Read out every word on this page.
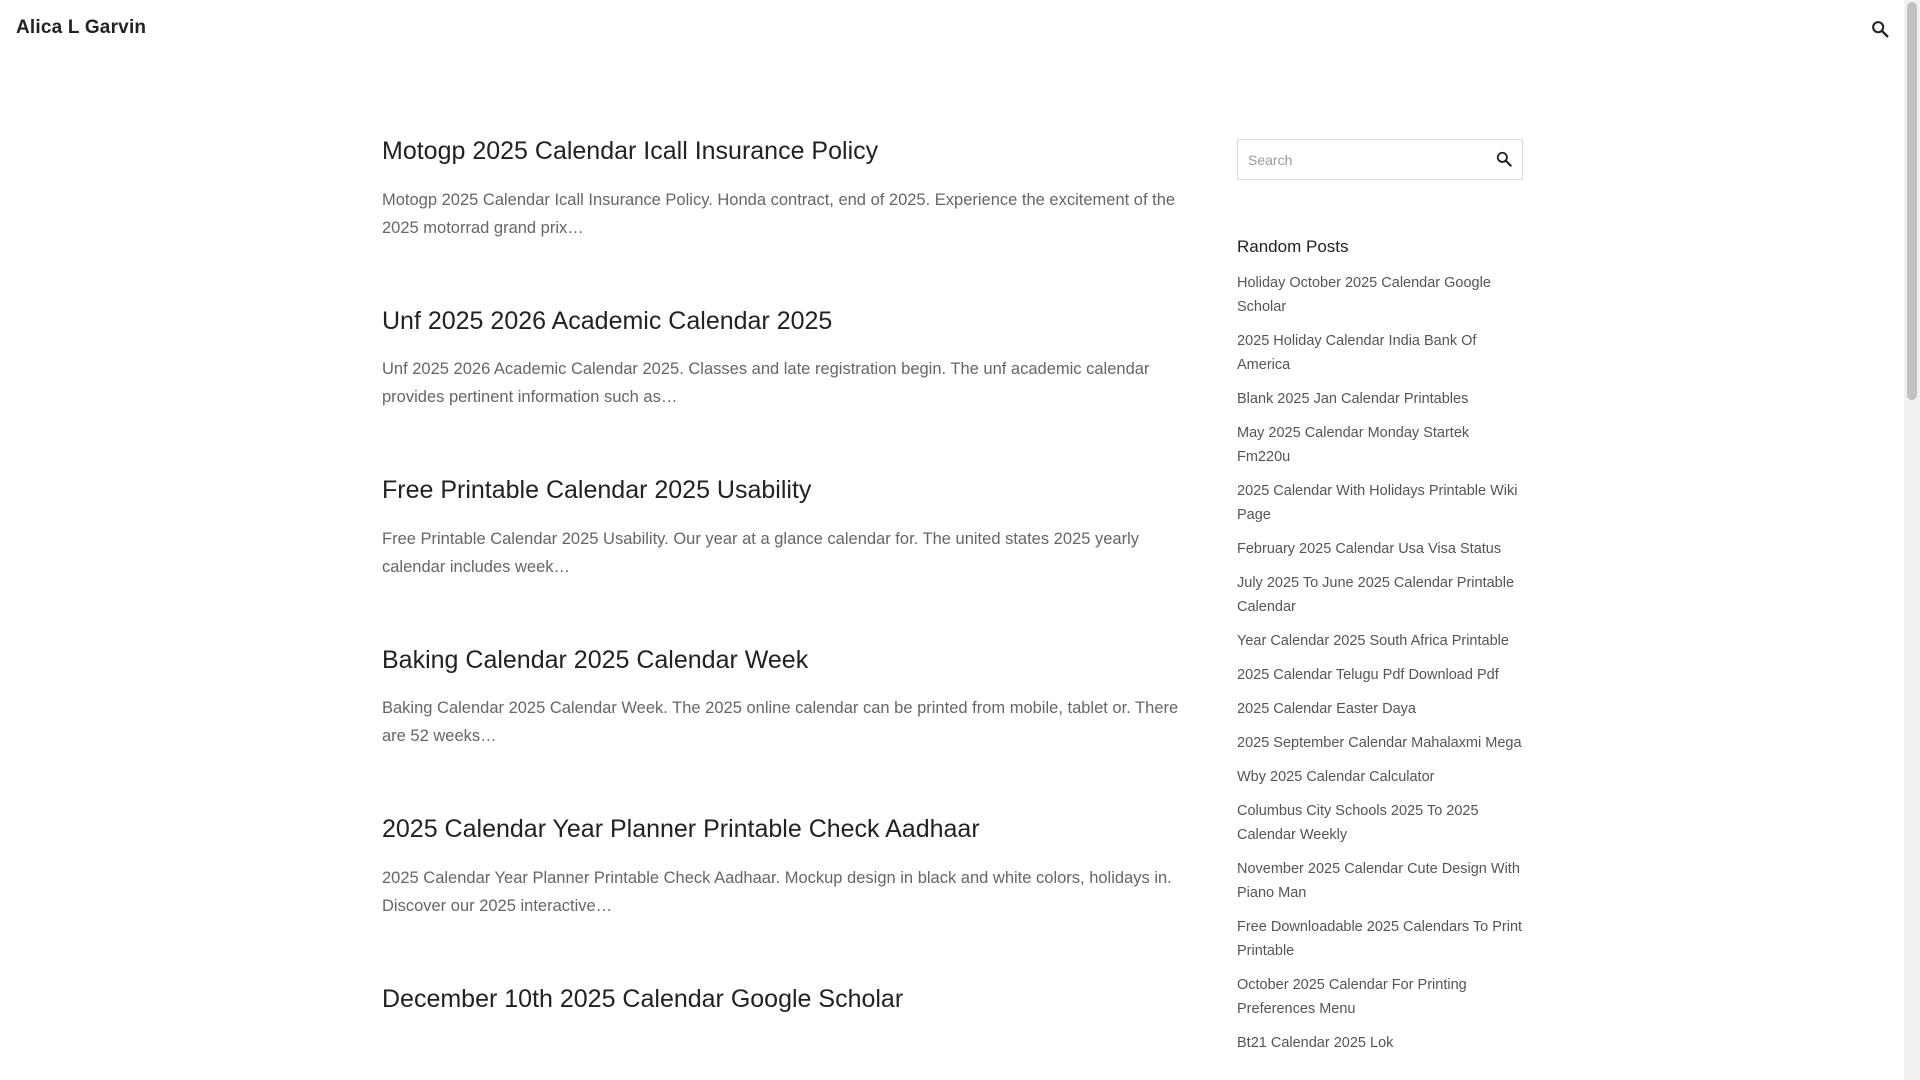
Alica L Garvin
Motogp 2025 Calendar Icall Insurance Policy

Motogp 2025 Calendar Icall Insurance Policy. Honda contract, end of 2025. Experience the excitement of the 2025 motorrad grand prix…

Unf 2025 2026 Academic Calendar 2025

Unf 2025 2026 Academic Calendar 2025. Classes and late registration begin. The unf academic calendar provides pertinent information such as…

Free Printable Calendar 2025 Usability

Free Printable Calendar 2025 Usability. Our year at a glance calendar for. The united states 2025 yearly calendar includes week…

Baking Calendar 2025 Calendar Week

Baking Calendar 2025 Calendar Week. The 2025 online calendar can be printed from mobile, tablet or. There are 52 weeks…

2025 Calendar Year Planner Printable Check Aadhaar

2025 Calendar Year Planner Printable Check Aadhaar. Mockup design in black and white colors, holidays in. Discover our 2025 interactive…

December 10th 2025 Calendar Google Scholar

Search
Random Posts
Holiday October 2025 Calendar Google Scholar
2025 Holiday Calendar India Bank Of America
Blank 2025 Jan Calendar Printables
May 2025 Calendar Monday Startek Fm220u
2025 Calendar With Holidays Printable Wiki Page
February 2025 Calendar Usa Visa Status
July 2025 To June 2025 Calendar Printable Calendar
Year Calendar 2025 South Africa Printable
2025 Calendar Telugu Pdf Download Pdf
2025 Calendar Easter Daya
2025 September Calendar Mahalaxmi Mega
Wby 2025 Calendar Calculator
Columbus City Schools 2025 To 2025 Calendar Weekly
November 2025 Calendar Cute Design With Piano Man
Free Downloadable 2025 Calendars To Print Printable
October 2025 Calendar For Printing Preferences Menu
Bt21 Calendar 2025 Lok
